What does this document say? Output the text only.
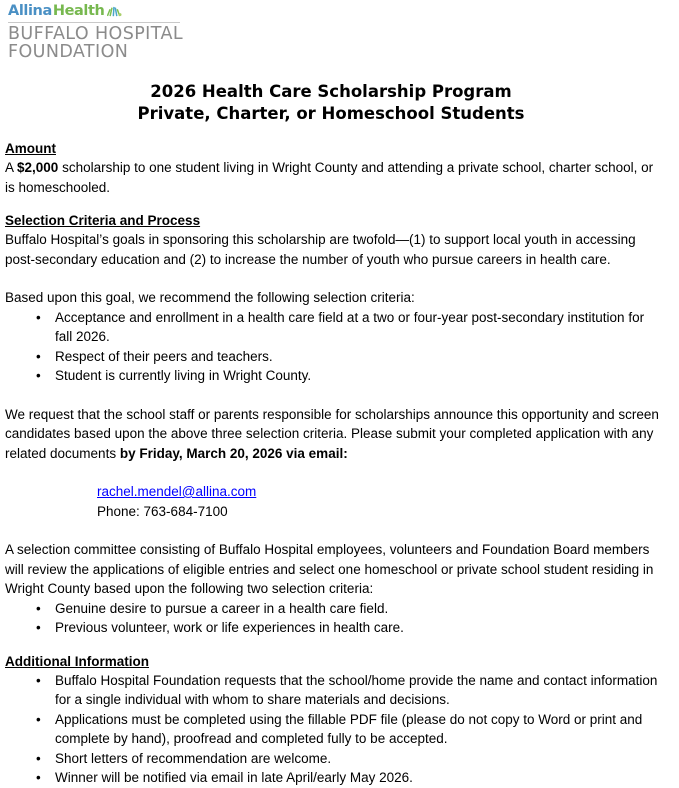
Allina Health
BUFFALO HOSPITAL
FOUNDATION
2026 Health Care Scholarship Program
Private, Charter, or Homeschool Students
Amount

A $2,000 scholarship to one student living in Wright County and attending a private school, charter school, or is homeschooled.

Selection Criteria and Process

Buffalo Hospital’s goals in sponsoring this scholarship are twofold—(1) to support local youth in accessing post-secondary education and (2) to increase the number of youth who pursue careers in health care.

Based upon this goal, we recommend the following selection criteria:

• Acceptance and enrollment in a health care field at a two or four-year post-secondary institution for fall 2026.
• Respect of their peers and teachers.
• Student is currently living in Wright County.

We request that the school staff or parents responsible for scholarships announce this opportunity and screen candidates based upon the above three selection criteria. Please submit your completed application with any related documents by Friday, March 20, 2026 via email:

rachel.mendel@allina.com
Phone: 763-684-7100

A selection committee consisting of Buffalo Hospital employees, volunteers and Foundation Board members will review the applications of eligible entries and select one homeschool or private school student residing in Wright County based upon the following two selection criteria:

• Genuine desire to pursue a career in a health care field.
• Previous volunteer, work or life experiences in health care.
Additional Information
• Buffalo Hospital Foundation requests that the school/home provide the name and contact information for a single individual with whom to share materials and decisions.
• Applications must be completed using the fillable PDF file (please do not copy to Word or print and complete by hand), proofread and completed fully to be accepted.
• Short letters of recommendation are welcome.
• Winner will be notified via email in late April/early May 2026.
